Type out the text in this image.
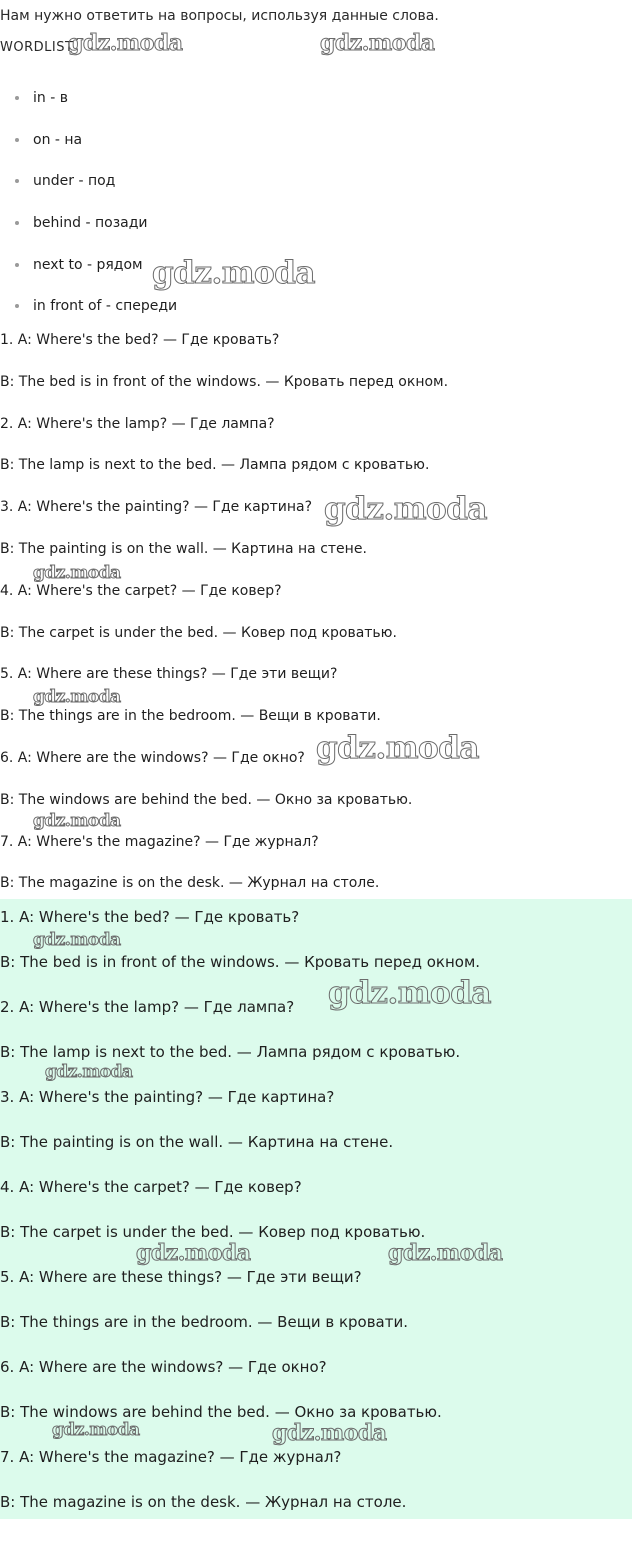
Нам нужно ответить на вопросы, используя данные слова.
WORDLIST
in - в
on - на
under - под
behind - позади
next to - рядом
in front of - спереди
1. A: Where's the bed? — Где кровать?
B: The bed is in front of the windows. — Кровать перед окном.
2. A: Where's the lamp? — Где лампа?
B: The lamp is next to the bed. — Лампа рядом с кроватью.
3. A: Where's the painting? — Где картина?
B: The painting is on the wall. — Картина на стене.
4. A: Where's the carpet? — Где ковер?
B: The carpet is under the bed. — Ковер под кроватью.
5. A: Where are these things? — Где эти вещи?
B: The things are in the bedroom. — Вещи в кровати.
6. A: Where are the windows? — Где окно?
B: The windows are behind the bed. — Окно за кроватью.
7. A: Where's the magazine? — Где журнал?
B: The magazine is on the desk. — Журнал на столе.
1. A: Where's the bed? — Где кровать?
B: The bed is in front of the windows. — Кровать перед окном.
2. A: Where's the lamp? — Где лампа?
B: The lamp is next to the bed. — Лампа рядом с кроватью.
3. A: Where's the painting? — Где картина?
B: The painting is on the wall. — Картина на стене.
4. A: Where's the carpet? — Где ковер?
B: The carpet is under the bed. — Ковер под кроватью.
5. A: Where are these things? — Где эти вещи?
B: The things are in the bedroom. — Вещи в кровати.
6. A: Where are the windows? — Где окно?
B: The windows are behind the bed. — Окно за кроватью.
7. A: Where's the magazine? — Где журнал?
B: The magazine is on the desk. — Журнал на столе.
gdz.moda	gdz.moda
gdz.moda
gdz.moda
gdz.moda
gdz.moda
gdz.moda
gdz.moda
gdz.moda
gdz.moda
gdz.moda
gdz.moda	gdz.moda
gdz.moda	gdz.moda
